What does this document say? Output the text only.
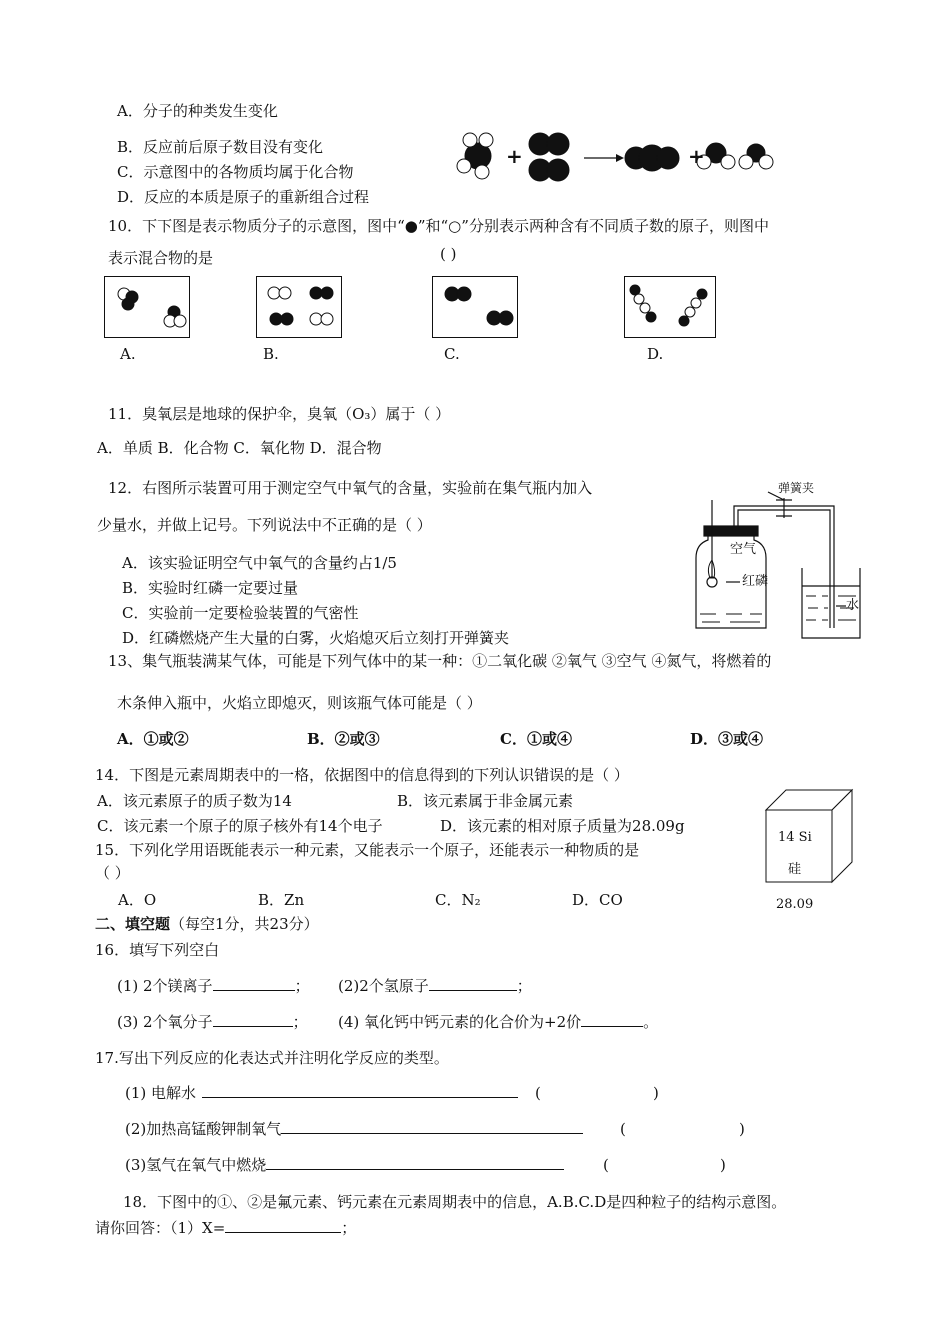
A．分子的种类发生变化
B．反应前后原子数目没有变化
C．示意图中的各物质均属于化合物
D．反应的本质是原子的重新组合过程
+	+
10．下下图是表示物质分子的示意图，图中“●”和“○”分别表示两种含有不同质子数的原子，则图中
表示混合物的是	( )
A.	B.	C.	D.
11．臭氧层是地球的保护伞，臭氧（O₃）属于（ ）
A．单质 B．化合物 C．氧化物 D．混合物
12．右图所示装置可用于测定空气中氧气的含量，实验前在集气瓶内加入
少量水，并做上记号。下列说法中不正确的是（ ）
A．该实验证明空气中氧气的含量约占1/5
B．实验时红磷一定要过量
C．实验前一定要检验装置的气密性
D．红磷燃烧产生大量的白雾，火焰熄灭后立刻打开弹簧夹
弹簧夹
空气
红磷
水
13、集气瓶装满某气体，可能是下列气体中的某一种：①二氧化碳 ②氧气 ③空气 ④氮气，将燃着的
木条伸入瓶中，火焰立即熄灭，则该瓶气体可能是（ ）
A．①或②	B．②或③	C．①或④	D．③或④
14．下图是元素周期表中的一格，依据图中的信息得到的下列认识错误的是（ ）
A．该元素原子的质子数为14	B．该元素属于非金属元素
C．该元素一个原子的原子核外有14个电子	D．该元素的相对原子质量为28.09g
14 Si
硅
28.09
15．下列化学用语既能表示一种元素，又能表示一个原子，还能表示一种物质的是
（ ）
A．O	B．Zn	C．N₂	D．CO
二、填空题（每空1分，共23分）
16．填写下列空白
(1) 2个镁离子	； (2)2个氢原子	；
(3) 2个氧分子	； (4) 氧化钙中钙元素的化合价为+2价	。
17.写出下列反应的化表达式并注明化学反应的类型。
(1) 电解水	(	)
(2)加热高锰酸钾制氧气	(	)
(3)氢气在氧气中燃烧	(	)
18．下图中的①、②是氟元素、钙元素在元素周期表中的信息，A.B.C.D是四种粒子的结构示意图。
请你回答：（1）X=	；
